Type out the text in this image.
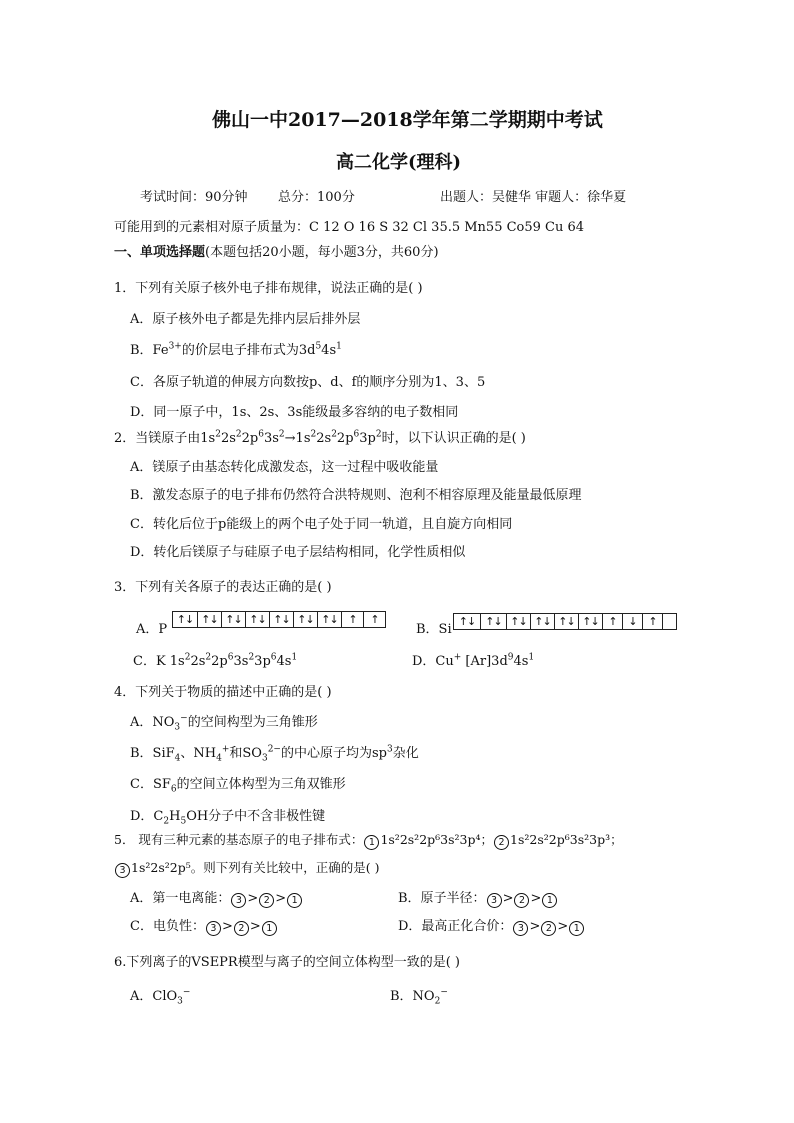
佛山一中2017—2018学年第二学期期中考试
高二化学(理科)
考试时间：90分钟 总分：100分	出题人：吴健华 审题人：徐华夏
可能用到的元素相对原子质量为：C 12 O 16 S 32 Cl 35.5 Mn55 Co59 Cu 64
一、单项选择题(本题包括20小题，每小题3分，共60分)
1．下列有关原子核外电子排布规律，说法正确的是( )
A．原子核外电子都是先排内层后排外层
B．$Fe^{3+}$的价层电子排布式为$3d^54s^1$
C．各原子轨道的伸展方向数按p、d、f的顺序分别为1、3、5
D．同一原子中，1s、2s、3s能级最多容纳的电子数相同
2．当镁原子由$1s^22s^22p^63s^2\to 1s^22s^22p^63p^2$时，以下认识正确的是( )
A．镁原子由基态转化成激发态，这一过程中吸收能量
B．激发态原子的电子排布仍然符合洪特规则、泡利不相容原理及能量最低原理
C．转化后位于p能级上的两个电子处于同一轨道，且自旋方向相同
D．转化后镁原子与硅原子电子层结构相同，化学性质相似
3．下列有关各原子的表达正确的是( )
A．P
↑↓ ↑↓ ↑↓ ↑↓ ↑↓ ↑↓ ↑↓ ↑	↑
B．Si
↑↓ ↑↓ ↑↓ ↑↓ ↑↓ ↑↓ ↑	↓	↑
C．K $1s^22s^22p^63s^23p^64s^1$	D．Cu+ $[Ar]3d^94s^1$
4．下列关于物质的描述中正确的是( )
A．$NO_3^-$的空间构型为三角锥形
B．SiF$_4$、$NH_4^+$和$SO_3^{2-}$的中心原子均为$sp^3$杂化
C．$SF_6$的空间立体构型为三角双锥形
D．$C_2H_5OH$分子中不含非极性键
5． 现有三种元素的基态原子的电子排布式： 1 1s²2s²2p⁶3s²3p⁴； 2 1s²2s²2p⁶3s²3p³；
3 1s²2s²2p⁵。则下列有关比较中，正确的是( )
A．第一电离能： 3 > 2 > 1	B．原子半径： 3 > 2 > 1
C．电负性： 3 > 2 > 1	D．最高正化合价： 3 > 2 > 1
6.下列离子的VSEPR模型与离子的空间立体构型一致的是( )
A．ClO$_3$−	B．$NO_2^-$
